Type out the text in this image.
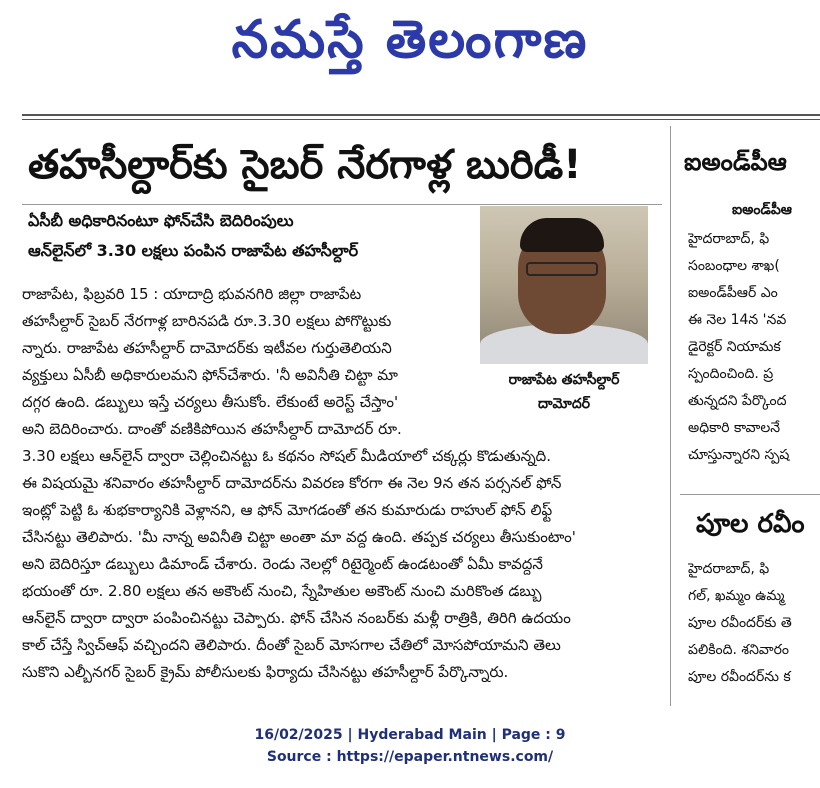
నమస్తే తెలంగాణ
తహసీల్దార్‌కు సైబర్ నేరగాళ్ల బురిడీ!
ఏసీబీ అధికారినంటూ ఫోన్‌చేసి బెదిరింపులు
ఆన్‌లైన్‌లో 3.30 లక్షలు పంపిన రాజాపేట తహసీల్దార్
రాజాపేట తహసీల్దార్
దామోదర్
రాజాపేట, ఫిబ్రవరి 15 : యాదాద్రి భువనగిరి జిల్లా రాజాపేట
తహసీల్దార్ సైబర్ నేరగాళ్ల బారినపడి రూ.3.30 లక్షలు పోగొట్టుకు
న్నారు. రాజాపేట తహసీల్దార్ దామోదర్‌కు ఇటీవల గుర్తుతెలియని
వ్యక్తులు ఏసీబీ అధికారులమని ఫోన్‌చేశారు. 'నీ అవినీతి చిట్టా మా
దగ్గర ఉంది. డబ్బులు ఇస్తే చర్యలు తీసుకోం. లేకుంటే అరెస్ట్ చేస్తాం'
అని బెదిరించారు. దాంతో వణికిపోయిన తహసీల్దార్ దామోదర్ రూ.
3.30 లక్షలు ఆన్‌లైన్ ద్వారా చెల్లించినట్టు ఓ కథనం సోషల్ మీడియాలో చక్కర్లు కొడుతున్నది.
ఈ విషయమై శనివారం తహసీల్దార్ దామోదర్‌ను వివరణ కోరగా ఈ నెల 9న తన పర్సనల్ ఫోన్
ఇంట్లో పెట్టి ఓ శుభకార్యానికి వెళ్లానని, ఆ ఫోన్ మోగడంతో తన కుమారుడు రాహుల్ ఫోన్ లిఫ్ట్
చేసినట్టు తెలిపారు. 'మీ నాన్న అవినీతి చిట్టా అంతా మా వద్ద ఉంది. తప్పక చర్యలు తీసుకుంటాం'
అని బెదిరిస్తూ డబ్బులు డిమాండ్ చేశారు. రెండు నెలల్లో రిటైర్మెంట్ ఉండటంతో ఏమీ కావద్దనే
భయంతో రూ. 2.80 లక్షలు తన అకౌంట్ నుంచి, స్నేహితుల అకౌంట్ నుంచి మరికొంత డబ్బు
ఆన్‌లైన్ ద్వారా ద్వారా పంపించినట్టు చెప్పారు. ఫోన్ చేసిన నంబర్‌కు మళ్లీ రాత్రికి, తిరిగి ఉదయం
కాల్ చేస్తే స్విచ్‌ఆఫ్ వచ్చిందని తెలిపారు. దీంతో సైబర్ మోసగాల చేతిలో మోసపోయామని తెలు
సుకొని ఎల్బీనగర్ సైబర్ క్రైమ్ పోలీసులకు ఫిర్యాదు చేసినట్టు తహసీల్దార్ పేర్కొన్నారు.
ఐఅండ్‌పీఆ
ఐఅండ్‌పీఆ
హైదరాబాద్, ఫి
సంబంధాల శాఖ(
ఐఅండ్‌పీఆర్ ఎం
ఈ నెల 14న 'నవ
డైరెక్టర్ నియామక
స్పందించింది. ప్ర
తున్నదని పేర్కొంద
అధికారి కావాలనే
చూస్తున్నారని స్పష
పూల రవీం
హైదరాబాద్, ఫి
గల్, ఖమ్మం ఉమ్మ
పూల రవీందర్‌కు తె
పలికింది. శనివారం
పూల రవీందర్‌ను క
16/02/2025 | Hyderabad Main | Page : 9
Source : https://epaper.ntnews.com/
